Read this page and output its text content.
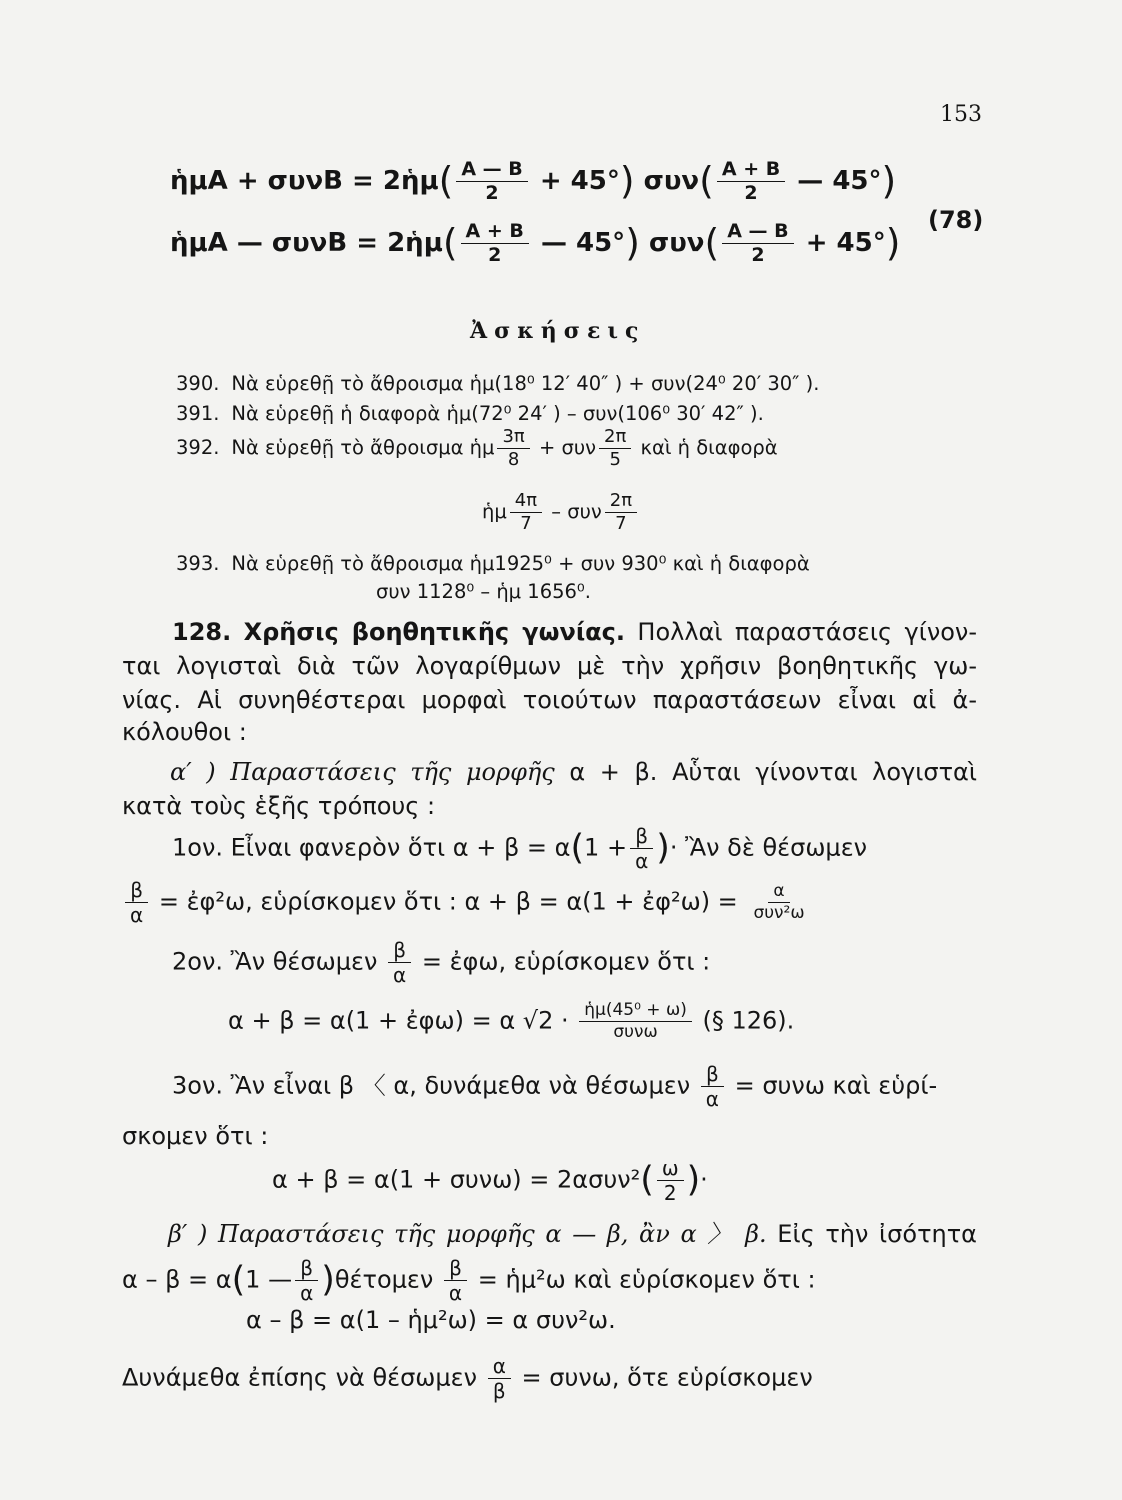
153
ἡμΑ + συνΒ = 2ἡμ( $\frac{A — B}{2} + 45^\circ$) $\sigma\upsilon\nu( \frac{A + B}{2}$ — 45°)
ἡμΑ — συνΒ = 2ἡμ( $\frac{A + B}{2}$ — 45°) $\sigma\upsilon\nu( \frac{A — B}{2} + 45^\circ)$
(78)
Ἀσκήσεις
390. Νὰ εὑρεθῇ τὸ ἄθροισμα ἡμ(18⁰ 12′ 40″ ) + συν(24⁰ 20′ 30″ ).
391. Νὰ εὑρεθῇ ἡ διαφορὰ ἡμ(72⁰ 24′ ) – συν(106⁰ 30′ 42″ ).
392. Νὰ εὑρεθῇ τὸ ἄθροισμα ἡμ $\frac{3\pi}{8} + \sigma\upsilon\nu \frac{2\pi}{5}$ καὶ ἡ διαφορὰ
ἡμ $\frac{4\pi}{7}$ – συν $\frac{2\pi}{7}$
393. Νὰ εὑρεθῇ τὸ ἄθροισμα ἡμ1925⁰ + συν 930⁰ καὶ ἡ διαφορὰ
συν 1128⁰ – ἡμ 1656⁰.
128. Χρῆσις βοηθητικῆς γωνίας. Πολλαὶ παραστάσεις γίνον-
ται λογισταὶ διὰ τῶν λογαρίθμων μὲ τὴν χρῆσιν βοηθητικῆς γω-
νίας. Αἱ συνηθέστεραι μορφαὶ τοιούτων παραστάσεων εἶναι αἱ ἀ-
κόλουθοι :
α′ ) Παραστάσεις τῆς μορφῆς α + β. Αὗται γίνονται λογισταὶ
κατὰ τοὺς ἑξῆς τρόπους :
1ον. Εἶναι φανερὸν ὅτι $\alpha + \beta = \alpha(1 + \frac{\beta}{\alpha}$ )· Ἂν δὲ θέσωμεν
$\frac{\beta}{\alpha}$ = ἐφ²ω, εὑρίσκομεν ὅτι : α + β = α(1 + ἐφ²ω) = $\frac{\alpha}{\text{συν²ω}}$
2ον. Ἂν θέσωμεν $\frac{\beta}{\alpha}$ = ἐφω, εὑρίσκομεν ὅτι :
α + β = α(1 + ἐφω) = α $√2 \cdot \frac{\text{ἡμ(45⁰ + ω)}}{\text{συνω}}$ (§ 126).
3ον. Ἂν εἶναι β 〈 α, δυνάμεθα νὰ θέσωμεν $\frac{\beta}{\alpha} = \sigma\upsilon\nu\omega$ καὶ εὑρί-
σκομεν ὅτι :
$\alpha + \beta = \alpha(1 + \sigma\upsilon\nu\omega) = 2\alpha\sigma\upsilon\nu^2( \frac{\omega}{2}$ )·
β′ ) Παραστάσεις τῆς μορφῆς α — β, ἂν α 〉 β. Εἰς τὴν ἰσότητα
α – β = α(1 — $\frac{\beta}{\alpha} )\theta έ\tau o\mu\varepsilon\nu \frac{\beta}{\alpha}$ = ἡμ²ω καὶ εὑρίσκομεν ὅτι :
α – β = α(1 – ἡμ²ω) = α συν²ω.
Δυνάμεθα ἐπίσης νὰ θέσωμεν $\frac{\alpha}{\beta} = \sigma\upsilon\nu\omega$, ὅτε εὑρίσκομεν
